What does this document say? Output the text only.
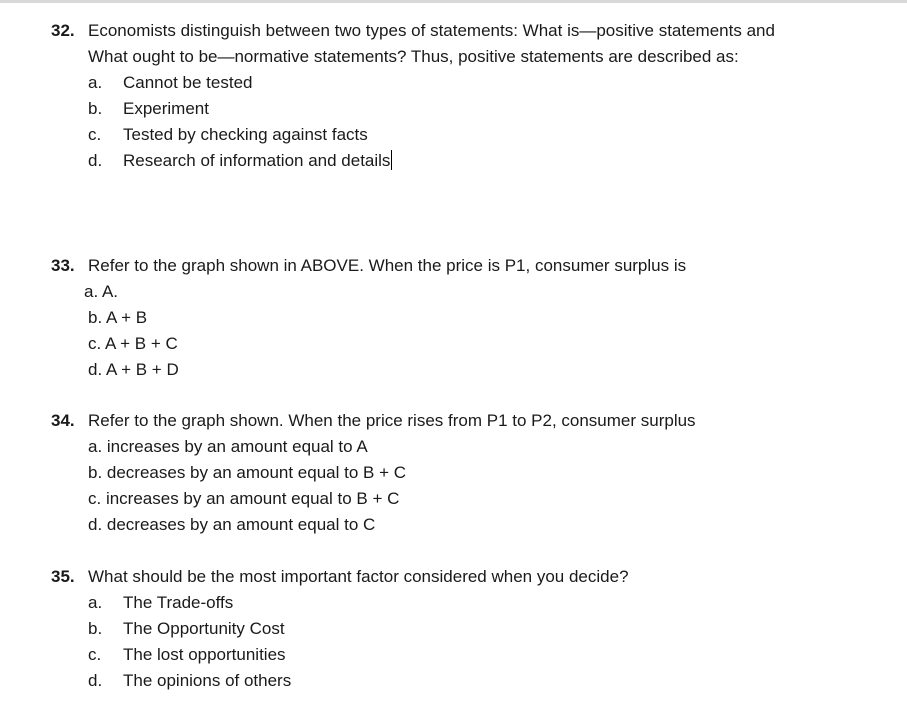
32. Economists distinguish between two types of statements: What is—positive statements and
What ought to be—normative statements? Thus, positive statements are described as:
a. Cannot be tested
b. Experiment
c. Tested by checking against facts
d. Research of information and details
33. Refer to the graph shown in ABOVE. When the price is P1, consumer surplus is
a. A.
b. A + B
c. A + B + C
d. A + B + D
34. Refer to the graph shown. When the price rises from P1 to P2, consumer surplus
a. increases by an amount equal to A
b. decreases by an amount equal to B + C
c. increases by an amount equal to B + C
d. decreases by an amount equal to C
35. What should be the most important factor considered when you decide?
a. The Trade-offs
b. The Opportunity Cost
c. The lost opportunities
d. The opinions of others
